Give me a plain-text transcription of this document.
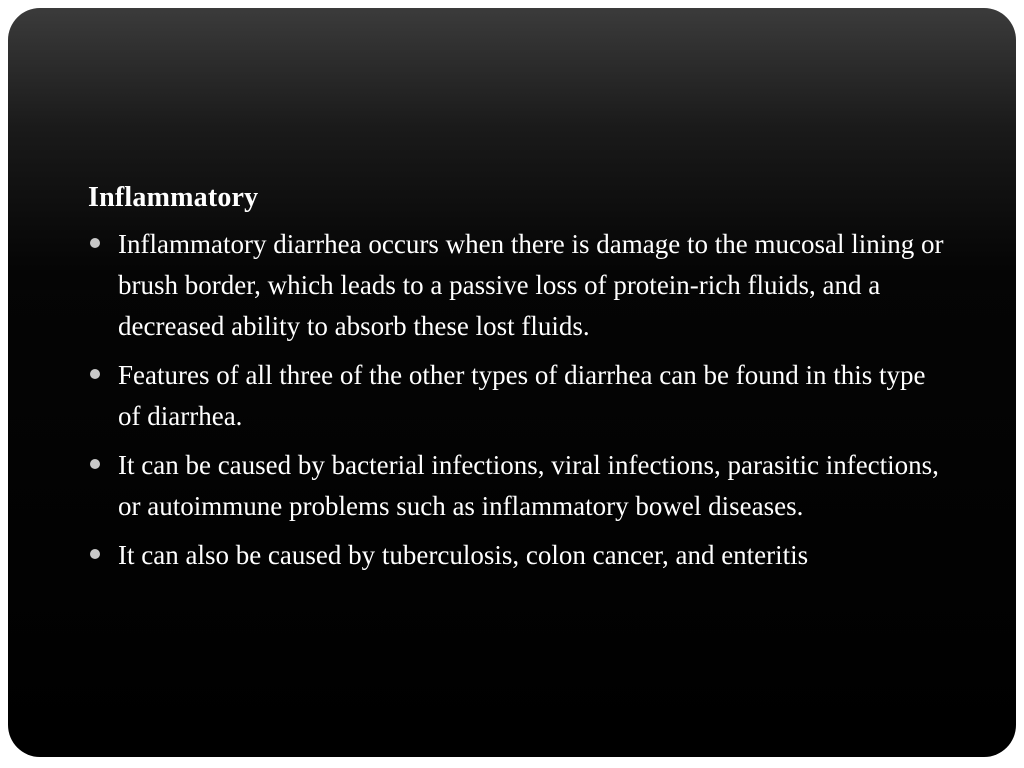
Inflammatory
Inflammatory diarrhea occurs when there is damage to the mucosal lining or brush border, which leads to a passive loss of protein-rich fluids, and a decreased ability to absorb these lost fluids.
Features of all three of the other types of diarrhea can be found in this type of diarrhea.
It can be caused by bacterial infections, viral infections, parasitic infections, or autoimmune problems such as inflammatory bowel diseases.
It can also be caused by tuberculosis, colon cancer, and enteritis
